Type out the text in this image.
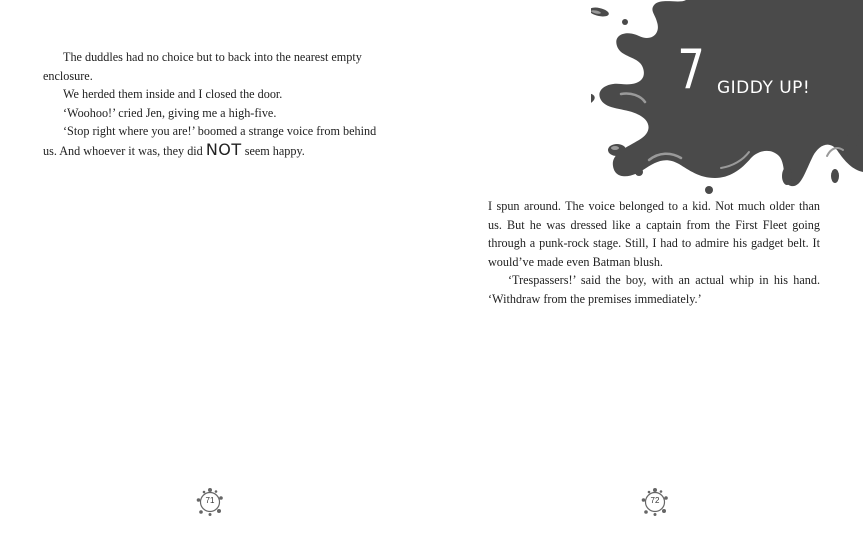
The duddles had no choice but to back into the nearest empty enclosure.

We herded them inside and I closed the door.

‘Woohoo!’ cried Jen, giving me a high-five.

‘Stop right where you are!’ boomed a strange voice from behind us. And whoever it was, they did NOT seem happy.

71
7 GIDDY UP!

I spun around. The voice belonged to a kid. Not much older than us. But he was dressed like a captain from the First Fleet going through a punk-rock stage. Still, I had to admire his gadget belt. It would’ve made even Batman blush.

‘Trespassers!’ said the boy, with an actual whip in his hand. ‘Withdraw from the premises immediately.’

72
